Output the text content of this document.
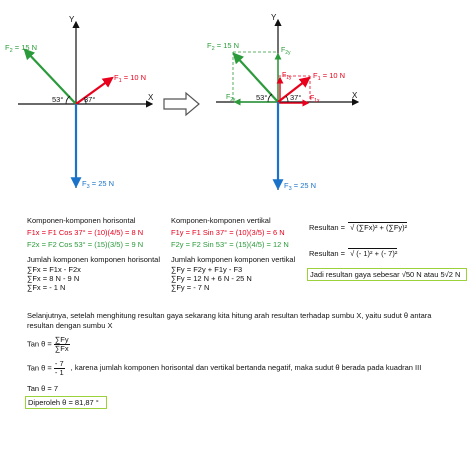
X
Y
53°	37°
$F_2 = 15$ N
$F_1 = 10$ N
$F_3 = 25$ N
X
Y
53°	37°
$F_2 = 15$ N
$F_1 = 10$ N
$F_3 = 25$ N
$F_{2y}$
$F_{1y}$
$F_{2x}$	$F_{1x}$
Komponen-komponen horisontal
F1x = F1 Cos 37° = (10)(4/5) = 8 N
F2x = F2 Cos 53° = (15)(3/5) = 9 N
Jumlah komponen komponen horisontal
∑Fx = F1x - F2x
∑Fx = 8 N - 9 N
∑Fx = - 1 N
Komponen-komponen vertikal
F1y = F1 Sin 37° = (10)(3/5) = 6 N
F2y = F2 Sin 53° = (15)(4/5) = 12 N
Jumlah komponen komponen vertikal
∑Fy = F2y + F1y - F3
∑Fy = 12 N + 6 N - 25 N
∑Fy = - 7 N
Resultan = √ (∑Fx)² + (∑Fy)²
Resultan = √ (- 1)² + (- 7)²
Jadi resultan gaya sebesar √50 N atau 5√2 N
Selanjutnya, setelah menghitung resultan gaya sekarang kita hitung arah resultan terhadap sumbu X, yaitu sudut θ antara
resultan dengan sumbu X
Tan $\theta = \frac{\sum Fy}{\sum Fx}$
Tan $\theta = \frac{- 7}{- 1}$ , karena jumlah komponen horisontal dan vertikal bertanda negatif, maka sudut θ berada pada kuadran III
Tan θ = 7
Diperoleh θ = 81,87 °
